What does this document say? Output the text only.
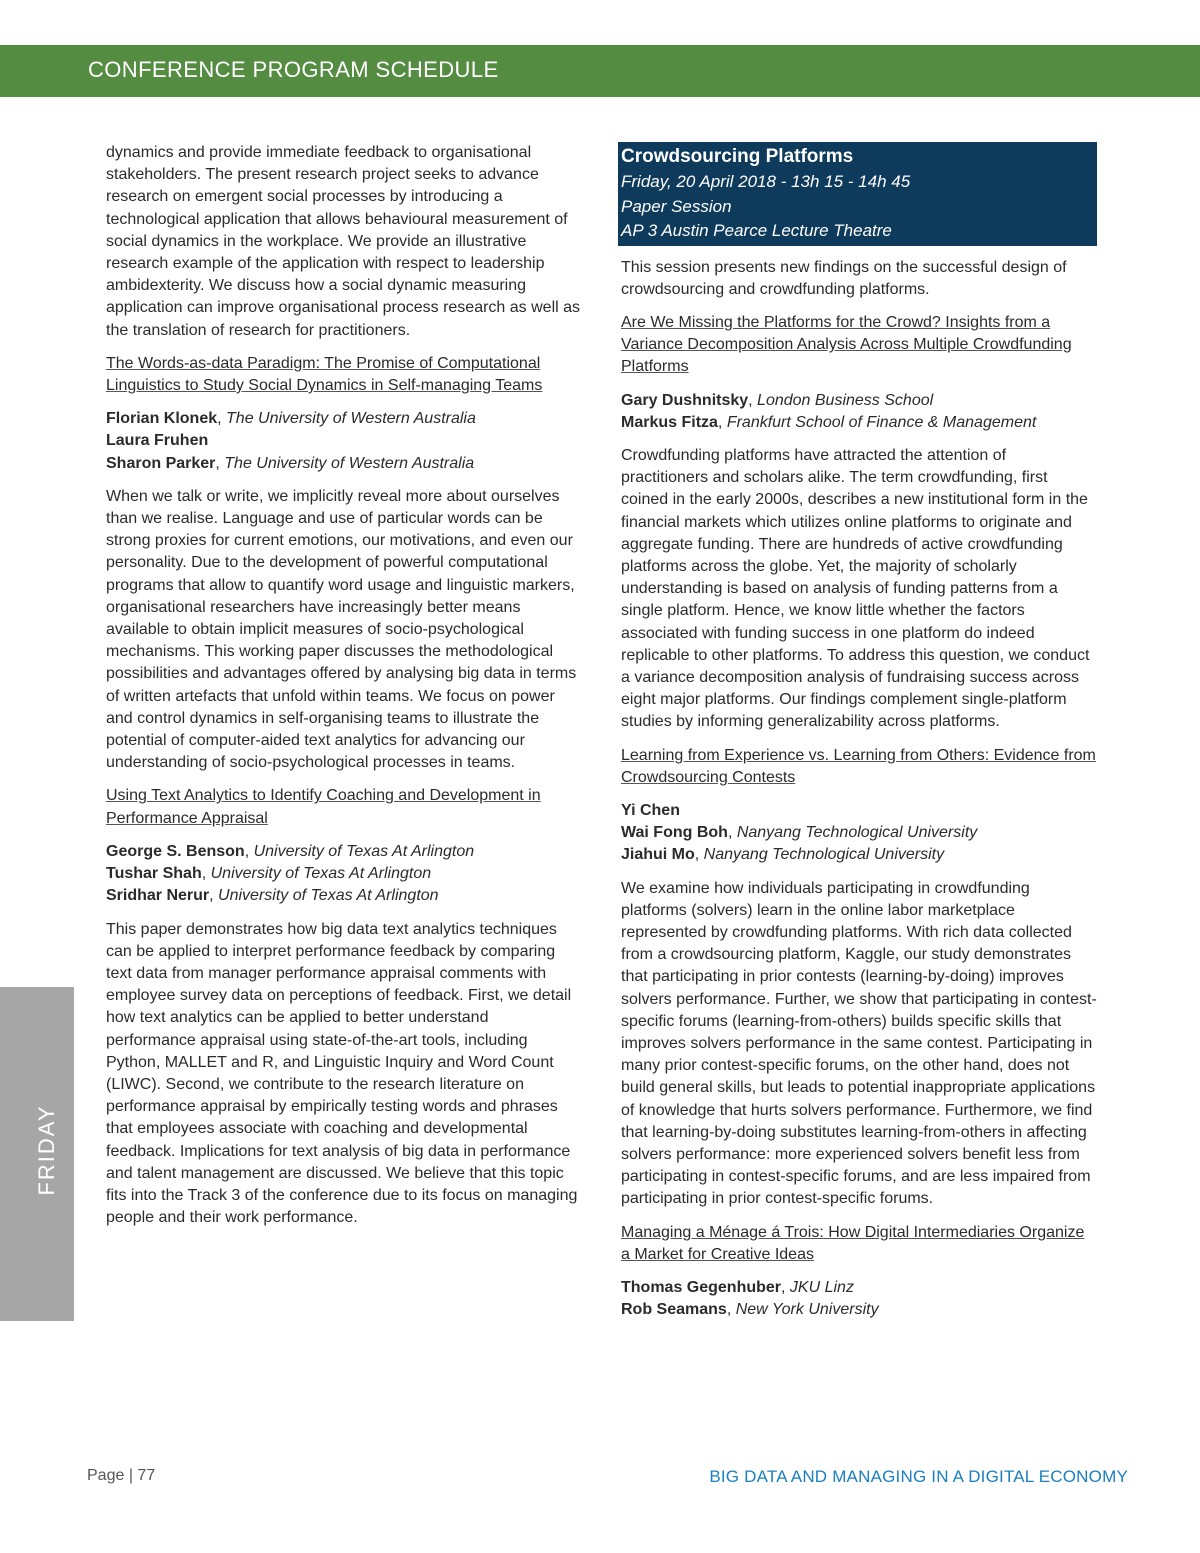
CONFERENCE PROGRAM SCHEDULE
FRIDAY

dynamics and provide immediate feedback to organisational stakeholders. The present research project seeks to advance research on emergent social processes by introducing a technological application that allows behavioural measurement of social dynamics in the workplace. We provide an illustrative research example of the application with respect to leadership ambidexterity. We discuss how a social dynamic measuring application can improve organisational process research as well as the translation of research for practitioners.

The Words-as-data Paradigm: The Promise of Computational Linguistics to Study Social Dynamics in Self-managing Teams

Florian Klonek, The University of Western Australia
Laura Fruhen
Sharon Parker, The University of Western Australia

When we talk or write, we implicitly reveal more about ourselves than we realise. Language and use of particular words can be strong proxies for current emotions, our motivations, and even our personality. Due to the development of powerful computational programs that allow to quantify word usage and linguistic markers, organisational researchers have increasingly better means available to obtain implicit measures of socio-psychological mechanisms. This working paper discusses the methodological possibilities and advantages offered by analysing big data in terms of written artefacts that unfold within teams. We focus on power and control dynamics in self-organising teams to illustrate the potential of computer-aided text analytics for advancing our understanding of socio-psychological processes in teams.

Using Text Analytics to Identify Coaching and Development in Performance Appraisal

George S. Benson, University of Texas At Arlington
Tushar Shah, University of Texas At Arlington
Sridhar Nerur, University of Texas At Arlington

This paper demonstrates how big data text analytics techniques can be applied to interpret performance feedback by comparing text data from manager performance appraisal comments with employee survey data on perceptions of feedback. First, we detail how text analytics can be applied to better understand performance appraisal using state-of-the-art tools, including Python, MALLET and R, and Linguistic Inquiry and Word Count (LIWC). Second, we contribute to the research literature on performance appraisal by empirically testing words and phrases that employees associate with coaching and developmental feedback. Implications for text analysis of big data in performance and talent management are discussed. We believe that this topic fits into the Track 3 of the conference due to its focus on managing people and their work performance.

Crowdsourcing Platforms
Friday, 20 April 2018 - 13h 15 - 14h 45
Paper Session
AP 3 Austin Pearce Lecture Theatre

This session presents new findings on the successful design of crowdsourcing and crowdfunding platforms.

Are We Missing the Platforms for the Crowd? Insights from a Variance Decomposition Analysis Across Multiple Crowdfunding Platforms

Gary Dushnitsky, London Business School
Markus Fitza, Frankfurt School of Finance & Management

Crowdfunding platforms have attracted the attention of practitioners and scholars alike. The term crowdfunding, first coined in the early 2000s, describes a new institutional form in the financial markets which utilizes online platforms to originate and aggregate funding. There are hundreds of active crowdfunding platforms across the globe. Yet, the majority of scholarly understanding is based on analysis of funding patterns from a single platform. Hence, we know little whether the factors associated with funding success in one platform do indeed replicable to other platforms. To address this question, we conduct a variance decomposition analysis of fundraising success across eight major platforms. Our findings complement single-platform studies by informing generalizability across platforms.

Learning from Experience vs. Learning from Others: Evidence from Crowdsourcing Contests

Yi Chen
Wai Fong Boh, Nanyang Technological University
Jiahui Mo, Nanyang Technological University

We examine how individuals participating in crowdfunding platforms (solvers) learn in the online labor marketplace represented by crowdfunding platforms. With rich data collected from a crowdsourcing platform, Kaggle, our study demonstrates that participating in prior contests (learning-by-doing) improves solvers performance. Further, we show that participating in contest-specific forums (learning-from-others) builds specific skills that improves solvers performance in the same contest. Participating in many prior contest-specific forums, on the other hand, does not build general skills, but leads to potential inappropriate applications of knowledge that hurts solvers performance. Furthermore, we find that learning-by-doing substitutes learning-from-others in affecting solvers performance: more experienced solvers benefit less from participating in contest-specific forums, and are less impaired from participating in prior contest-specific forums.

Managing a Ménage á Trois: How Digital Intermediaries Organize a Market for Creative Ideas

Thomas Gegenhuber, JKU Linz
Rob Seamans, New York University
Page | 77	BIG DATA AND MANAGING IN A DIGITAL ECONOMY
